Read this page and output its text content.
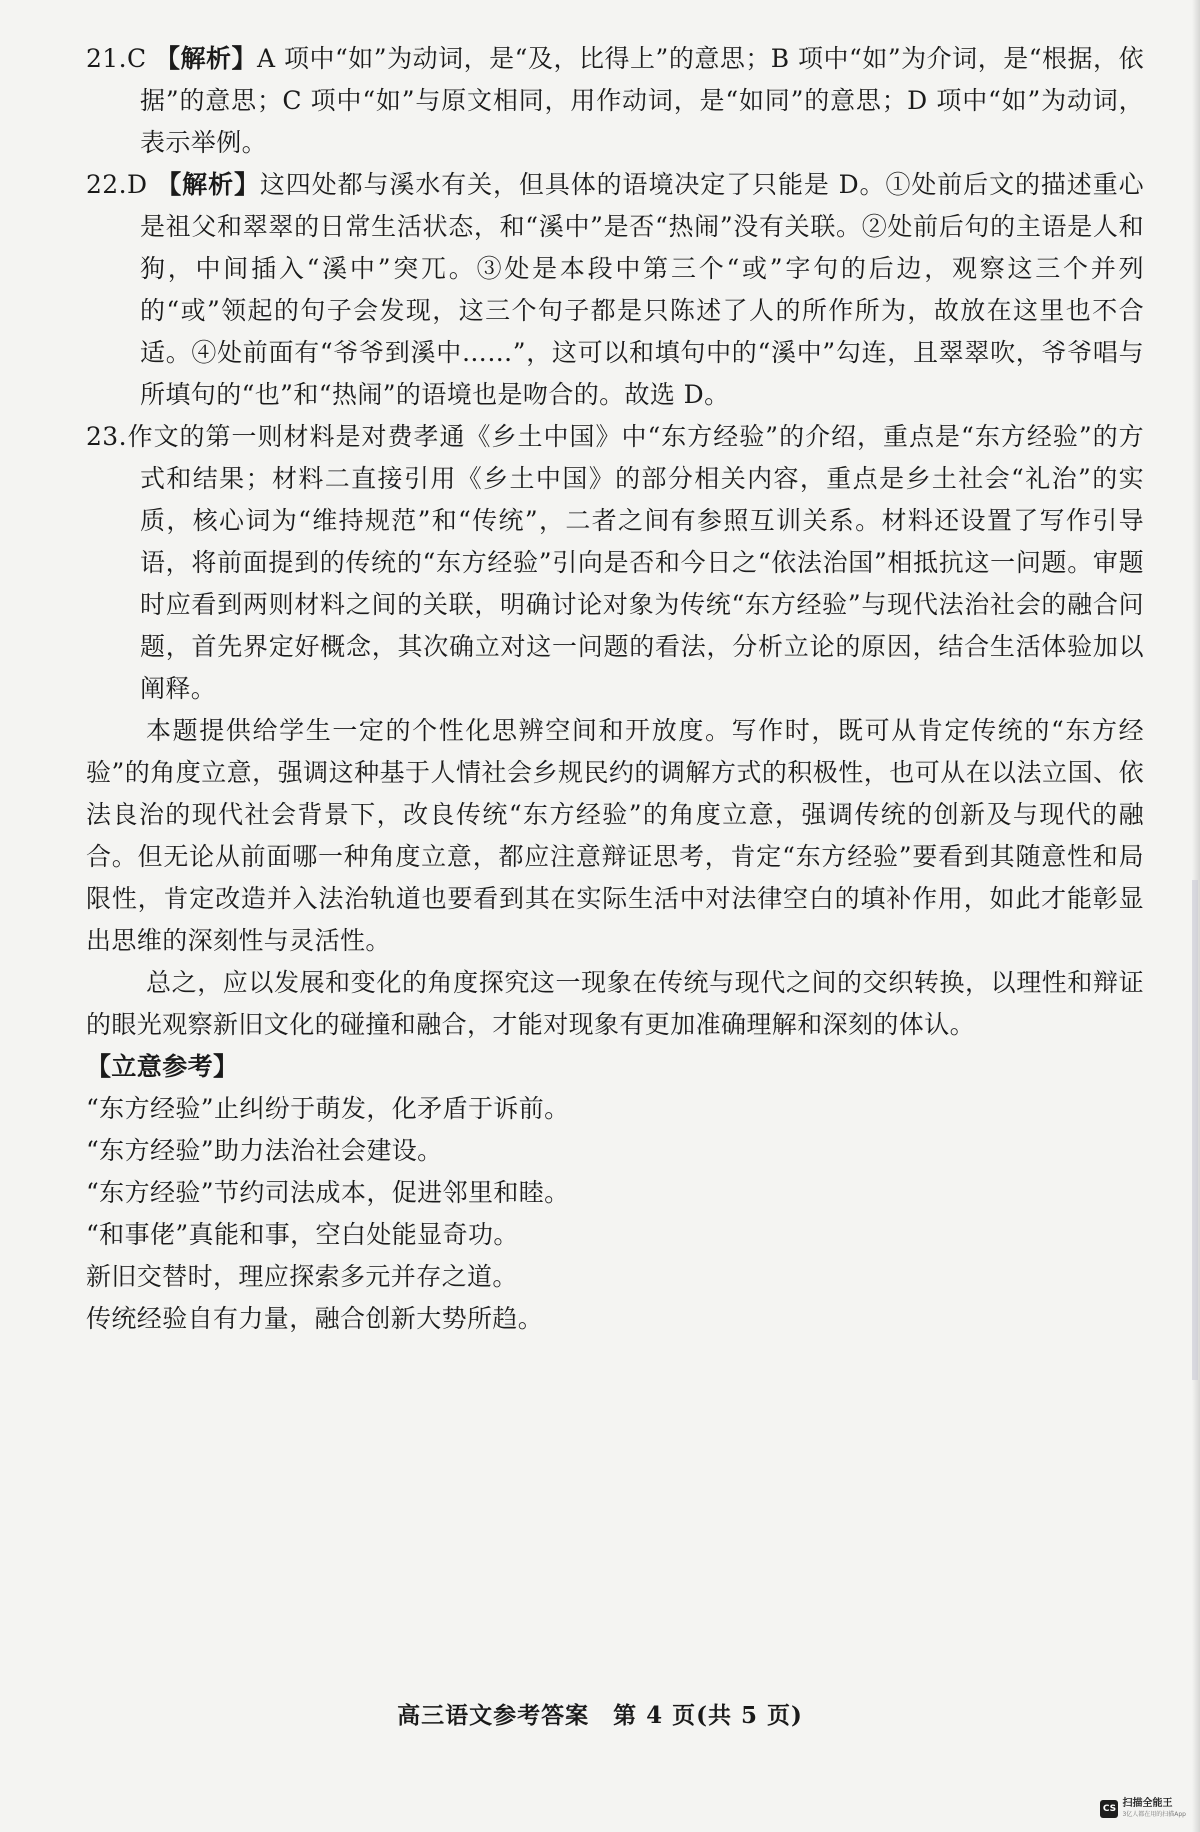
21.C 【解析】A 项中“如”为动词，是“及，比得上”的意思；B 项中“如”为介词，是“根据，依据”的意思；C 项中“如”与原文相同，用作动词，是“如同”的意思；D 项中“如”为动词，表示举例。

22.D 【解析】这四处都与溪水有关，但具体的语境决定了只能是 D。①处前后文的描述重心是祖父和翠翠的日常生活状态，和“溪中”是否“热闹”没有关联。②处前后句的主语是人和狗，中间插入“溪中”突兀。③处是本段中第三个“或”字句的后边，观察这三个并列的“或”领起的句子会发现，这三个句子都是只陈述了人的所作所为，故放在这里也不合适。④处前面有“爷爷到溪中……”，这可以和填句中的“溪中”勾连，且翠翠吹，爷爷唱与所填句的“也”和“热闹”的语境也是吻合的。故选 D。

23.作文的第一则材料是对费孝通《乡土中国》中“东方经验”的介绍，重点是“东方经验”的方式和结果；材料二直接引用《乡土中国》的部分相关内容，重点是乡土社会“礼治”的实质，核心词为“维持规范”和“传统”，二者之间有参照互训关系。材料还设置了写作引导语，将前面提到的传统的“东方经验”引向是否和今日之“依法治国”相抵抗这一问题。审题时应看到两则材料之间的关联，明确讨论对象为传统“东方经验”与现代法治社会的融合问题，首先界定好概念，其次确立对这一问题的看法，分析立论的原因，结合生活体验加以阐释。

本题提供给学生一定的个性化思辨空间和开放度。写作时，既可从肯定传统的“东方经验”的角度立意，强调这种基于人情社会乡规民约的调解方式的积极性，也可从在以法立国、依法良治的现代社会背景下，改良传统“东方经验”的角度立意，强调传统的创新及与现代的融合。但无论从前面哪一种角度立意，都应注意辩证思考，肯定“东方经验”要看到其随意性和局限性，肯定改造并入法治轨道也要看到其在实际生活中对法律空白的填补作用，如此才能彰显出思维的深刻性与灵活性。

总之，应以发展和变化的角度探究这一现象在传统与现代之间的交织转换，以理性和辩证的眼光观察新旧文化的碰撞和融合，才能对现象有更加准确理解和深刻的体认。

【立意参考】

“东方经验”止纠纷于萌发，化矛盾于诉前。

“东方经验”助力法治社会建设。

“东方经验”节约司法成本，促进邻里和睦。

“和事佬”真能和事，空白处能显奇功。

新旧交替时，理应探索多元并存之道。

传统经验自有力量，融合创新大势所趋。

高三语文参考答案　第 4 页(共 5 页)
CS 扫描全能王
3亿人都在用的扫描App
